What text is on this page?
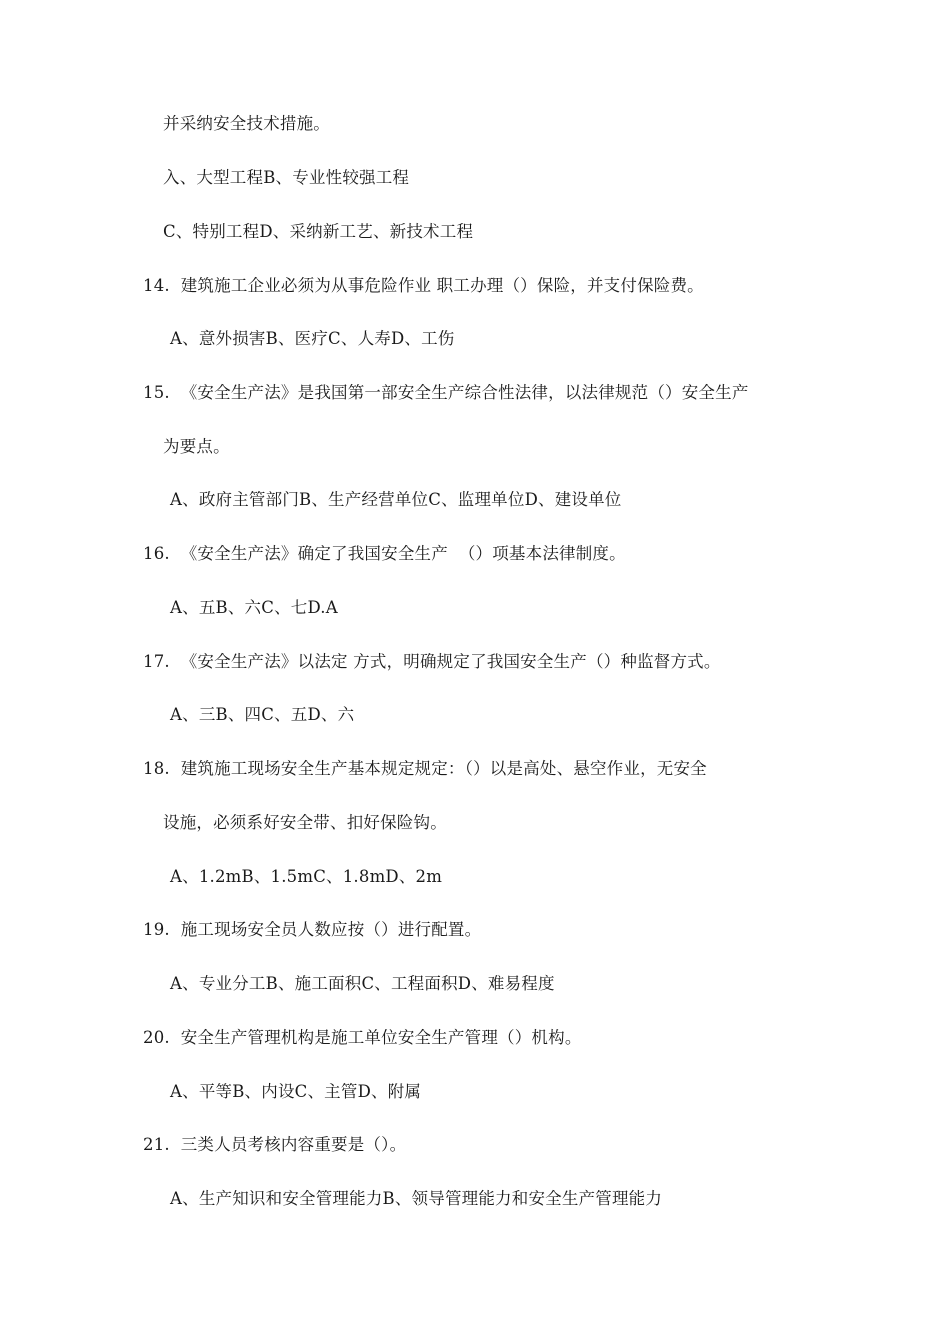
并采纳安全技术措施。
入、大型工程B、专业性较强工程
C、特别工程D、采纳新工艺、新技术工程
14.  建筑施工企业必须为从事危险作业 职工办理（）保险，并支付保险费。
A、意外损害B、医疗C、人寿D、工伤
15.  《安全生产法》是我国第一部安全生产综合性法律，以法律规范（）安全生产
为要点。
A、政府主管部门B、生产经营单位C、监理单位D、建设单位
16.  《安全生产法》确定了我国安全生产  （）项基本法律制度。
A、五B、六C、七D.A
17.  《安全生产法》以法定 方式，明确规定了我国安全生产（）种监督方式。
A、三B、四C、五D、六
18.  建筑施工现场安全生产基本规定规定：（）以是高处、悬空作业，无安全
设施，必须系好安全带、扣好保险钩。
A、1.2mB、1.5mC、1.8mD、2m
19.  施工现场安全员人数应按（）进行配置。
A、专业分工B、施工面积C、工程面积D、难易程度
20.  安全生产管理机构是施工单位安全生产管理（）机构。
A、平等B、内设C、主管D、附属
21.  三类人员考核内容重要是（）。
A、生产知识和安全管理能力B、领导管理能力和安全生产管理能力
